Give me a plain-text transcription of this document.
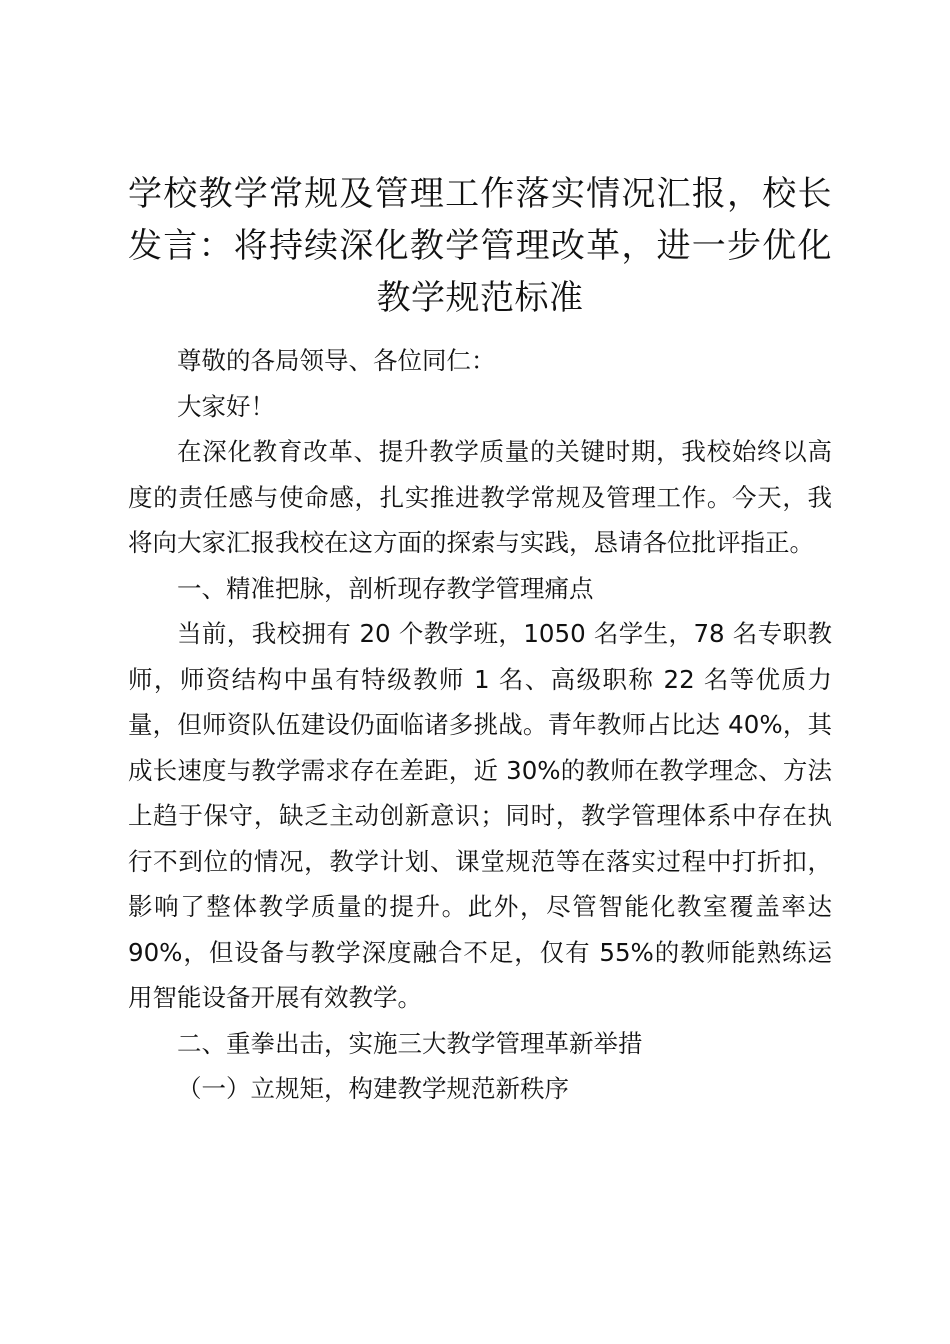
学校教学常规及管理工作落实情况汇报，校长发言：将持续深化教学管理改革，进一步优化教学规范标准

尊敬的各局领导、各位同仁：

大家好！

在深化教育改革、提升教学质量的关键时期，我校始终以高度的责任感与使命感，扎实推进教学常规及管理工作。今天，我将向大家汇报我校在这方面的探索与实践，恳请各位批评指正。

一、精准把脉，剖析现存教学管理痛点

当前，我校拥有 20 个教学班，1050 名学生，78 名专职教师，师资结构中虽有特级教师 1 名、高级职称 22 名等优质力量，但师资队伍建设仍面临诸多挑战。青年教师占比达 40%，其成长速度与教学需求存在差距，近 30%的教师在教学理念、方法上趋于保守，缺乏主动创新意识；同时，教学管理体系中存在执行不到位的情况，教学计划、课堂规范等在落实过程中打折扣，影响了整体教学质量的提升。此外，尽管智能化教室覆盖率达 90%，但设备与教学深度融合不足，仅有 55%的教师能熟练运用智能设备开展有效教学。

二、重拳出击，实施三大教学管理革新举措

（一）立规矩，构建教学规范新秩序
